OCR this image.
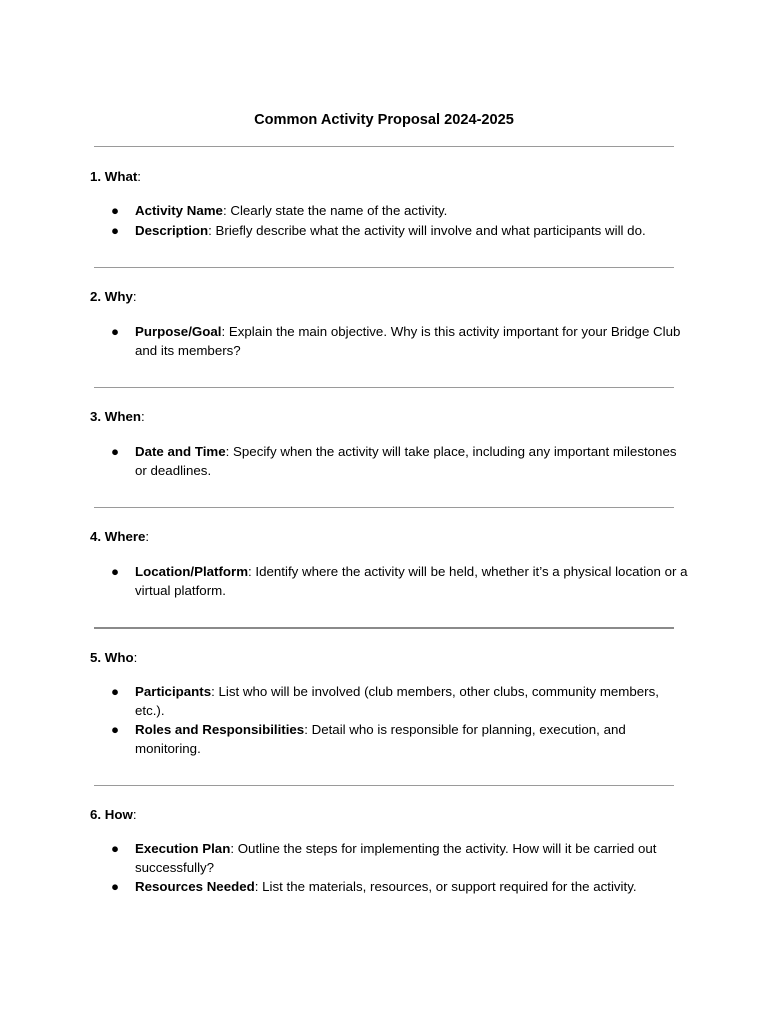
Common Activity Proposal 2024-2025

1. What:

● Activity Name: Clearly state the name of the activity.
● Description: Briefly describe what the activity will involve and what participants will do.

2. Why:

● Purpose/Goal: Explain the main objective. Why is this activity important for your Bridge Club and its members?

3. When:

● Date and Time: Specify when the activity will take place, including any important milestones or deadlines.

4. Where:

● Location/Platform: Identify where the activity will be held, whether it’s a physical location or a virtual platform.

5. Who:

● Participants: List who will be involved (club members, other clubs, community members, etc.).
● Roles and Responsibilities: Detail who is responsible for planning, execution, and monitoring.

6. How:

● Execution Plan: Outline the steps for implementing the activity. How will it be carried out successfully?
● Resources Needed: List the materials, resources, or support required for the activity.
